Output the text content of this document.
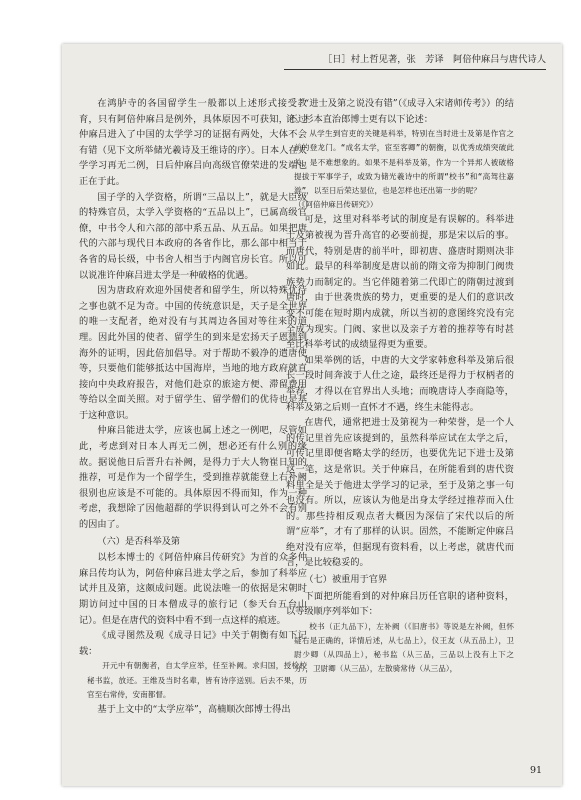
［日］村上哲见著，张　芳译　阿倍仲麻吕与唐代诗人
在鸿胪寺的各国留学生一般都以上述形式接受教育，只有阿倍仲麻吕是例外，具体原因不可获知，不过仲麻吕进入了中国的太学学习的证据有两处，大体不会有错（见下文所举储光羲诗及王维诗的序）。日本人在太学学习再无二例，日后仲麻吕向高级官僚荣进的发端也正在于此。
国子学的入学资格，所谓“三品以上”，就是大臣级的特殊官员，太学入学资格的“五品以上”，已属高级官僚，中书令人和六部的部中系五品、从五品。如果把唐代的六部与现代日本政府的各省作比，那么部中相当于各省的局长级，中书舍人相当于内阁官房长官。所以可以说准许仲麻吕进太学是一种破格的优遇。
因为唐政府欢迎外国使者和留学生，所以特殊优待之事也就不足为奇。中国的传统意识是，天子是全世界的唯一支配者，绝对没有与其周边各国对等往来的道理。因此外国的使者、留学生的到来是宏扬天子恩德到海外的证明，因此倍加倡导。对于帮助不毅净的遣唐使等，只要他们能够抵达中国海岸，当地的地方政府就直接向中央政府报告，对他们赴京的旅途方便、滞留费用等给以全面关照。对于留学生、留学僧们的优待也是基于这种意识。
仲麻吕能进太学，应该也属上述之一例吧，尽管如此，考虑到对日本人再无二例，想必还有什么别的缘故。据说他日后晋升右补阙，是得力于大人物崔日知的推荐，可是作为一个留学生，受到推荐就能登上右补阙很别也应该是不可能的。具体原因不得而知，作为一种考虑，我想除了因他超群的学识得到认可之外不会有别的因由了。
（六）是否科举及第
以杉本博士的《阿倍仲麻吕传研究》为首的众多仲麻吕传均认为，阿倍仲麻吕进太学之后，参加了科举应试并且及第，这颇成问题。此说法唯一的依据是宋朝时期访问过中国的日本僧成寻的旅行记（参天台五台山记）。但是在唐代的资料中看不到一点这样的痕迹。
《成寻图然及观《成寻日记》中关于朝衡有如下记载：
开元中有朝衡者，自太学应举，任至补阙。求归国，授检校秘书监，放还。王维及当时名辈，皆有诗序送别。后去不果，历官至右常侍，安南都督。
基于上文中的“太学应举”，高楠顺次郎博士得出
“进士及第之说没有错”（《成寻入宋诸师传考》）的结论。杉本直治郎博士更有以下论述：
从学生到官吏的关键是科举，特别在当时进士及第是作官之前的登龙门。“成名太学，宦至客卿”的朝衡，以优秀成绩突破此关，是不难想象的。如果不是科举及第，作为一个异邦人被破格提拔于军事学子，或致为储光羲诗中的所谓“校书”和“高驾往嘉游”，以至日后荣达显位，也是怎样也还出第一步的呢？
（《阿倍仲麻吕传研究》）
可是，这里对科举考试的制度是有误解的。科举进士及第被视为晋升高官的必要前提，那是宋以后的事。而唐代，特别是唐的前半叶，即初唐、盛唐时期则决非如此。最早的科举制度是唐以前的隋文帝为抑制门阀贵族势力而制定的。当它伴随着第二代即亡的隋朝过渡到唐时，由于世袭贵族的势力，更重要的是人们的意识改变不可能在短时期内成就，所以当初的意图终究没有完全成为现实。门阀、家世以及亲子方着的推荐等有时甚至比科举考试的成绩显得更为重要。
如果举例的话，中唐的大文学家韩愈科举及第后很长一段时间奔波于人仕之途，最终还是得力于权柄者的举荐，才得以在官界出人头地；而晚唐诗人李商隐等，科举及第之后则一直怀才不遇，终生未能得志。
在唐代，通常把进士及第视为一种荣誉，是一个人的传记里首先应该提到的，虽然科举应试在太学之后，可传记里即便省略太学的经历，也要优先记下进士及第这一笔，这是常识。关于仲麻吕，在所能看到的唐代资料里全是关于他进太学学习的记录，至于及第之事一句也没有。所以，应该认为他是出身太学经过推荐而入仕的。那些持相反观点者大概因为深信了宋代以后的所谓“应举”，才有了那样的认识。固然，不能断定仲麻吕绝对没有应举，但据现有资料看，以上考虑，就唐代而言，是比较稳妥的。
（七）被重用于官界
下面把所能看到的对仲麻吕历任官职的诸种资料，以等级顺序列举如下：
校书（正九品下），左补阙（《旧唐书》等说是左补阙，但怀疑右是正确的，详情后述，从七品上），仪王友（从五品上），卫尉少卿（从四品上），秘书监（从三品，三品以上没有上下之分），卫尉卿（从三品），左散骑常侍（从三品），
91
